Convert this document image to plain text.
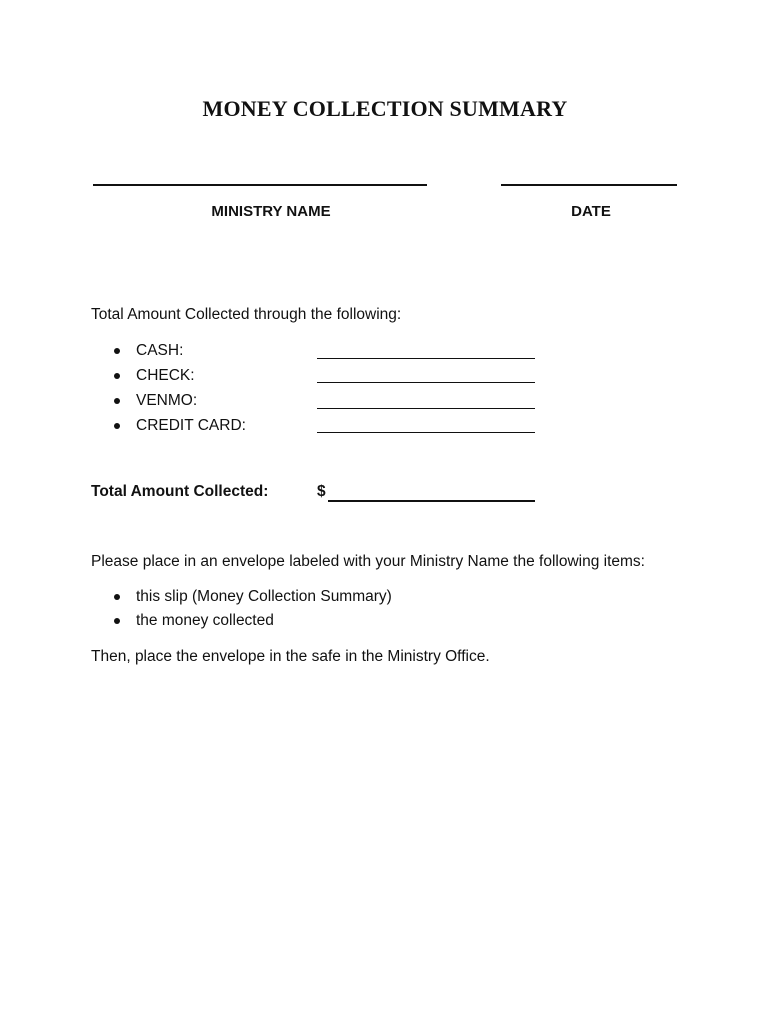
MONEY COLLECTION SUMMARY
MINISTRY NAME	DATE
Total Amount Collected through the following:
CASH:
CHECK:
VENMO:
CREDIT CARD:
Total Amount Collected:	$
Please place in an envelope labeled with your Ministry Name the following items:
this slip (Money Collection Summary)
the money collected
Then, place the envelope in the safe in the Ministry Office.
